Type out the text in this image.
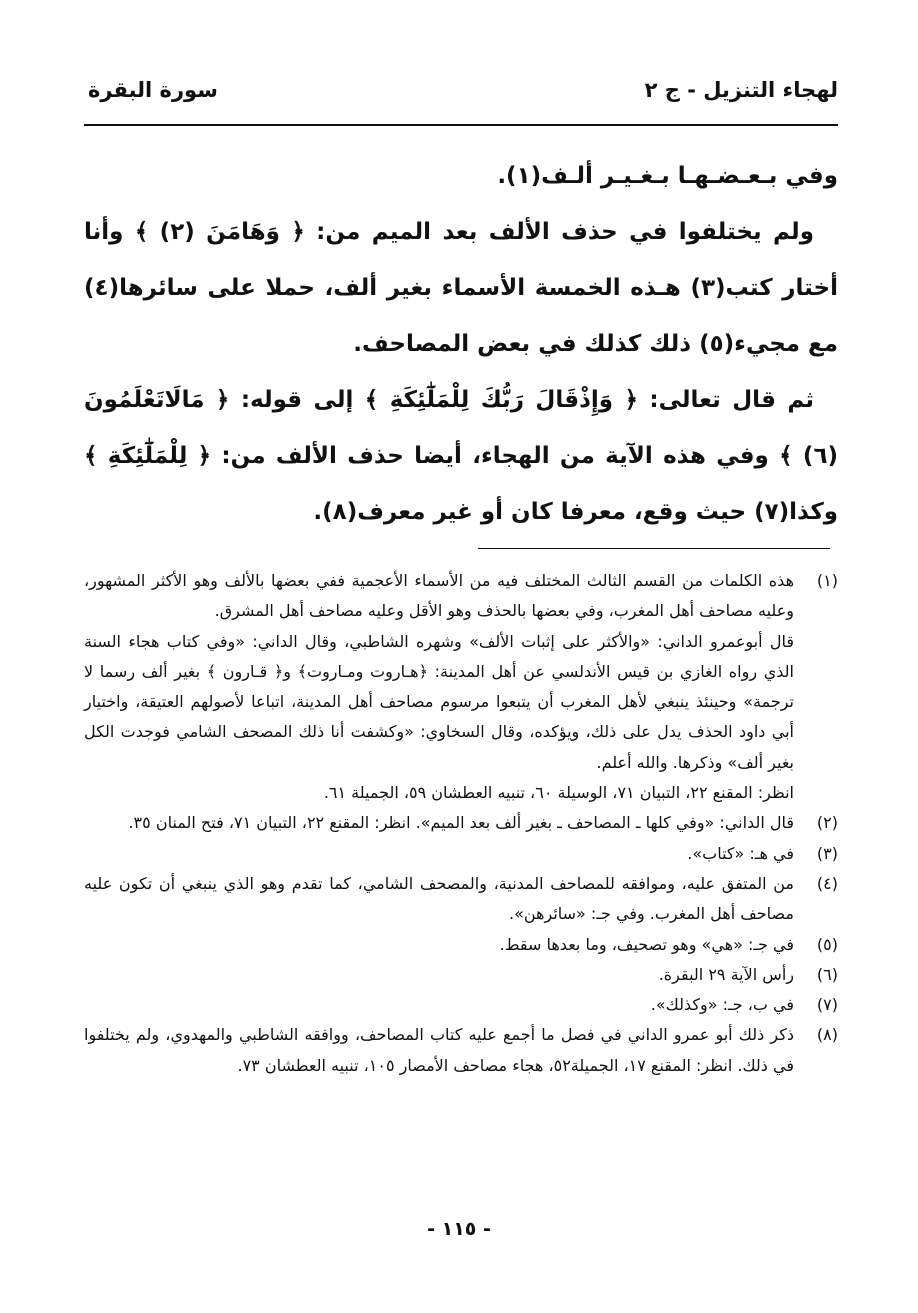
لهجاء التنزيل - ج ٢
سورة البقرة

وفي بـعـضـهـا بـغـيـر ألـف(١).

ولم يختلفوا في حذف الألف بعد الميم من: ﴿ وَهَامَنَ (٢) ﴾ وأنا أختار كتب(٣) هـذه الخمسة الأسماء بغير ألف، حملا على سائرها(٤) مع مجيء(٥) ذلك كذلك في بعض المصاحف.

ثم قال تعالى: ﴿ وَإِذْقَالَ رَبُّكَ لِلْمَلَٰٓئِكَةِ ﴾ إلى قوله: ﴿ مَالَاتَعْلَمُونَ (٦) ﴾ وفي هذه الآية من الهجاء، أيضا حذف الألف من: ﴿ لِلْمَلَٰٓئِكَةِ ﴾ وكذا(٧) حيث وقع، معرفا كان أو غير معرف(٨).

(١)

هذه الكلمات من القسم الثالث المختلف فيه من الأسماء الأعجمية ففي بعضها بالألف وهو الأكثر المشهور، وعليه مصاحف أهل المغرب، وفي بعضها بالحذف وهو الأقل وعليه مصاحف أهل المشرق.

قال أبوعمرو الداني: «والأكثر على إثبات الألف» وشهره الشاطبي، وقال الداني: «وفي كتاب هجاء السنة الذي رواه الغازي بن قيس الأندلسي عن أهل المدينة: ﴿هـاروت ومـاروت﴾ و﴿ قـارون ﴾ بغير ألف رسما لا ترجمة» وحينئذ ينبغي لأهل المغرب أن يتبعوا مرسوم مصاحف أهل المدينة، اتباعا لأصولهم العتيقة، واختيار أبي داود الحذف يدل على ذلك، ويؤكده، وقال السخاوي: «وكشفت أنا ذلك المصحف الشامي فوجدت الكل بغير ألف» وذكرها. والله أعلم.

انظر: المقنع ٢٢، التبيان ٧١، الوسيلة ٦٠، تنبيه العطشان ٥٩، الجميلة ٦١.

(٢)

قال الداني: «وفي كلها ـ المصاحف ـ بغير ألف بعد الميم». انظر: المقنع ٢٢، التبيان ٧١، فتح المنان ٣٥.

(٣)

في هـ: «كتاب».

(٤)

من المتفق عليه، وموافقه للمصاحف المدنية، والمصحف الشامي، كما تقدم وهو الذي ينبغي أن تكون عليه مصاحف أهل المغرب. وفي جـ: «سائرهن».

(٥)

في جـ: «هي» وهو تصحيف، وما بعدها سقط.

(٦)

رأس الآية ٢٩ البقرة.

(٧)

في ب، جـ: «وكذلك».

(٨)

ذكر ذلك أبو عمرو الداني في فصل ما أجمع عليه كتاب المصاحف، ووافقه الشاطبي والمهدوي، ولم يختلفوا في ذلك. انظر: المقنع ١٧، الجميلة٥٢، هجاء مصاحف الأمصار ١٠٥، تنبيه العطشان ٧٣.

- ١١٥ -
